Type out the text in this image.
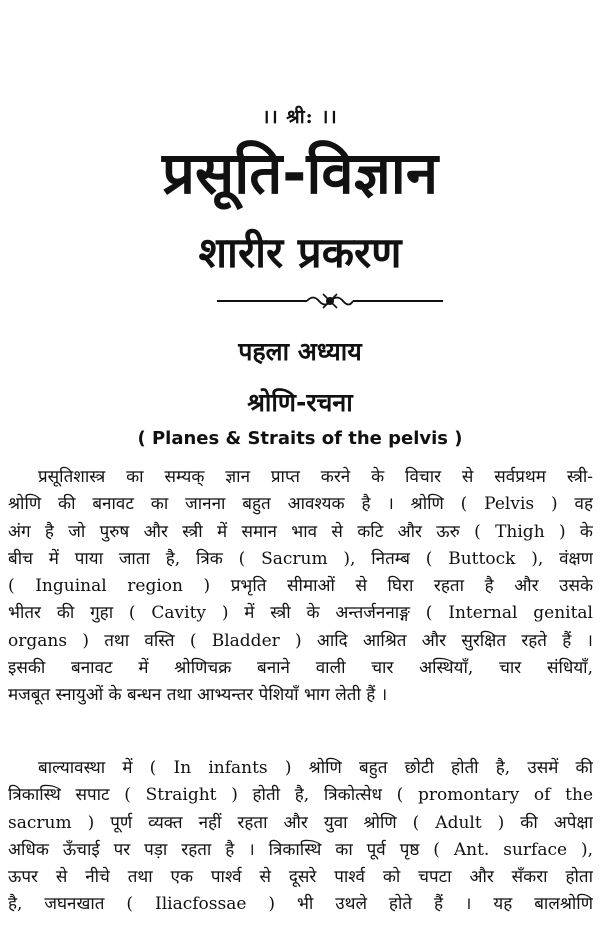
।। श्री: ।।
प्रसूति-विज्ञान
शारीर प्रकरण
पहला अध्याय
श्रोणि-रचना
( Planes & Straits of the pelvis )
प्रसूतिशास्त्र का सम्यक् ज्ञान प्राप्त करने के विचार से सर्वप्रथम स्त्री-
श्रोणि की बनावट का जानना बहुत आवश्यक है । श्रोणि ( Pelvis ) वह
अंग है जो पुरुष और स्त्री में समान भाव से कटि और ऊरु ( Thigh ) के
बीच में पाया जाता है, त्रिक ( Sacrum ), नितम्ब ( Buttock ), वंक्षण
( Inguinal region ) प्रभृति सीमाओं से घिरा रहता है और उसके
भीतर की गुहा ( Cavity ) में स्त्री के अन्तर्जननाङ्ग ( Internal genital
organs ) तथा वस्ति ( Bladder ) आदि आश्रित और सुरक्षित रहते हैं ।
इसकी बनावट में श्रोणिचक्र बनाने वाली चार अस्थियाँ, चार संधियाँ,
मजबूत स्नायुओं के बन्धन तथा आभ्यन्तर पेशियाँ भाग लेती हैं ।
बाल्यावस्था में ( In infants ) श्रोणि बहुत छोटी होती है, उसमें की
त्रिकास्थि सपाट ( Straight ) होती है, त्रिकोत्सेध ( promontary of the
sacrum ) पूर्ण व्यक्त नहीं रहता और युवा श्रोणि ( Adult ) की अपेक्षा
अधिक ऊँचाई पर पड़ा रहता है । त्रिकास्थि का पूर्व पृष्ठ ( Ant. surface ),
ऊपर से नीचे तथा एक पार्श्व से दूसरे पार्श्व को चपटा और सँकरा होता
है, जघनखात ( Iliacfossae ) भी उथले होते हैं । यह बालश्रोणि
